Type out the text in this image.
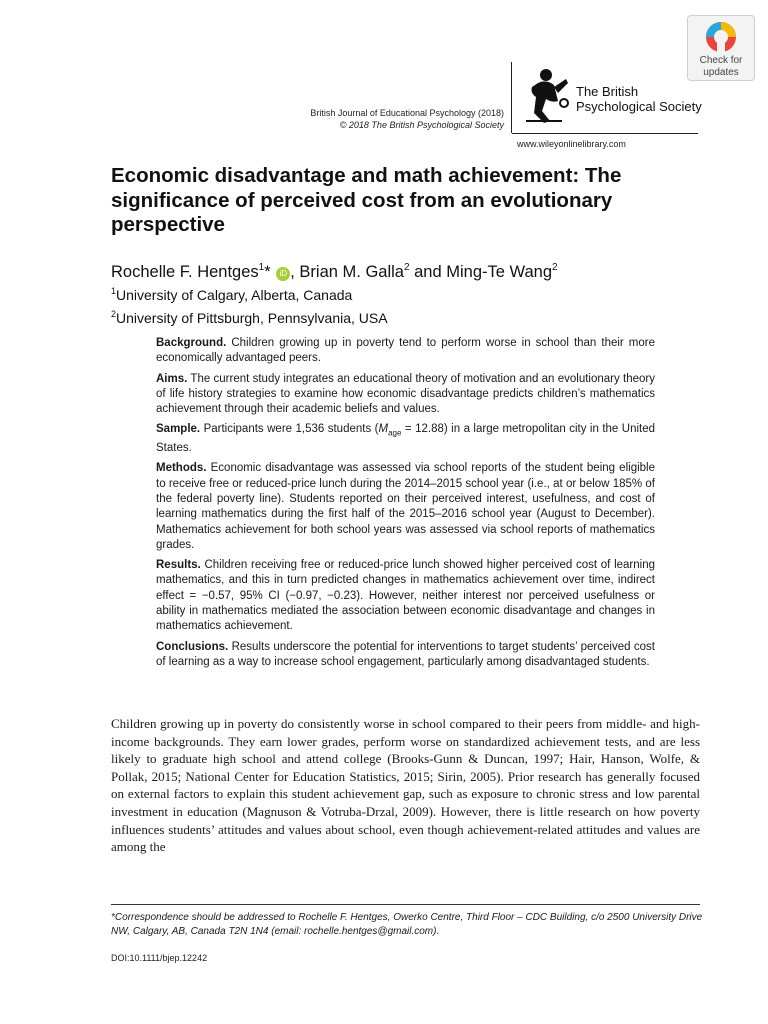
Check for
updates
British Journal of Educational Psychology (2018)
© 2018 The British Psychological Society
The British
Psychological Society
www.wileyonlinelibrary.com
Economic disadvantage and math achievement: The significance of perceived cost from an evolutionary perspective
Rochelle F. Hentges$^1$* iD , Brian M. Galla$^2$ and Ming-Te Wang$^2$
$^1$University of Calgary, Alberta, Canada
$^2$University of Pittsburgh, Pennsylvania, USA

Background. Children growing up in poverty tend to perform worse in school than their more economically advantaged peers.

Aims. The current study integrates an educational theory of motivation and an evolutionary theory of life history strategies to examine how economic disadvantage predicts children’s mathematics achievement through their academic beliefs and values.

Sample. Participants were 1,536 students $(M_{age} = 12.88)$ in a large metropolitan city in the United States.

Methods. Economic disadvantage was assessed via school reports of the student being eligible to receive free or reduced-price lunch during the 2014–2015 school year (i.e., at or below 185% of the federal poverty line). Students reported on their perceived interest, usefulness, and cost of learning mathematics during the first half of the 2015–2016 school year (August to December). Mathematics achievement for both school years was assessed via school reports of mathematics grades.

Results. Children receiving free or reduced-price lunch showed higher perceived cost of learning mathematics, and this in turn predicted changes in mathematics achievement over time, indirect effect = −0.57, 95% CI (−0.97, −0.23). However, neither interest nor perceived usefulness or ability in mathematics mediated the association between economic disadvantage and changes in mathematics achievement.

Conclusions. Results underscore the potential for interventions to target students’ perceived cost of learning as a way to increase school engagement, particularly among disadvantaged students.

Children growing up in poverty do consistently worse in school compared to their peers from middle- and high-income backgrounds. They earn lower grades, perform worse on standardized achievement tests, and are less likely to graduate high school and attend college (Brooks-Gunn & Duncan, 1997; Hair, Hanson, Wolfe, & Pollak, 2015; National Center for Education Statistics, 2015; Sirin, 2005). Prior research has generally focused on external factors to explain this student achievement gap, such as exposure to chronic stress and low parental investment in education (Magnuson & Votruba-Drzal, 2009). However, there is little research on how poverty influences students’ attitudes and values about school, even though achievement-related attitudes and values are among the
*Correspondence should be addressed to Rochelle F. Hentges, Owerko Centre, Third Floor – CDC Building, c/o 2500 University Drive NW, Calgary, AB, Canada T2N 1N4 (email: rochelle.hentges@gmail.com).
DOI:10.1111/bjep.12242
